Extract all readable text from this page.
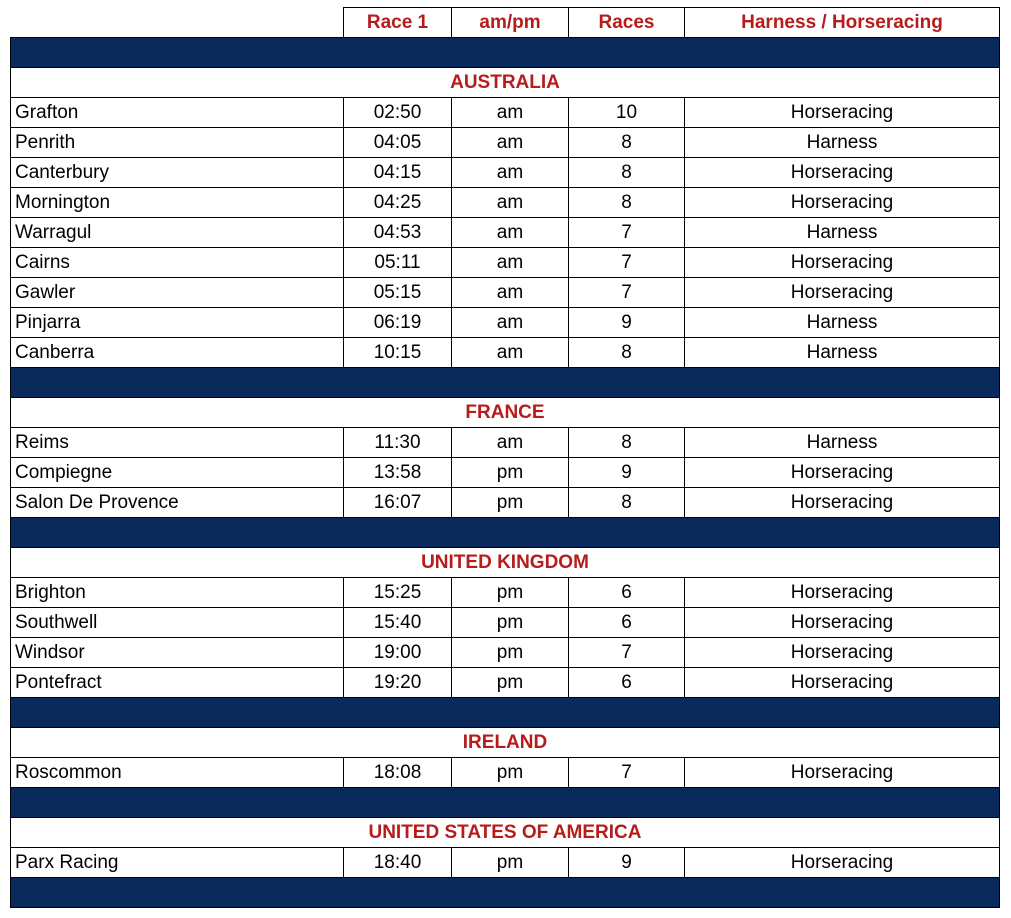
	Race 1	am/pm	Races	Harness / Horseracing

AUSTRALIA				
Grafton	02:50	am	10	Horseracing
Penrith	04:05	am	8	Harness
Canterbury	04:15	am	8	Horseracing
Mornington	04:25	am	8	Horseracing
Warragul	04:53	am	7	Harness
Cairns	05:11	am	7	Horseracing
Gawler	05:15	am	7	Horseracing
Pinjarra	06:19	am	9	Harness
Canberra	10:15	am	8	Harness

FRANCE				
Reims	11:30	am	8	Harness
Compiegne	13:58	pm	9	Horseracing
Salon De Provence	16:07	pm	8	Horseracing

UNITED KINGDOM				
Brighton	15:25	pm	6	Horseracing
Southwell	15:40	pm	6	Horseracing
Windsor	19:00	pm	7	Horseracing
Pontefract	19:20	pm	6	Horseracing

IRELAND				
Roscommon	18:08	pm	7	Horseracing

UNITED STATES OF AMERICA				
Parx Racing	18:40	pm	9	Horseracing
